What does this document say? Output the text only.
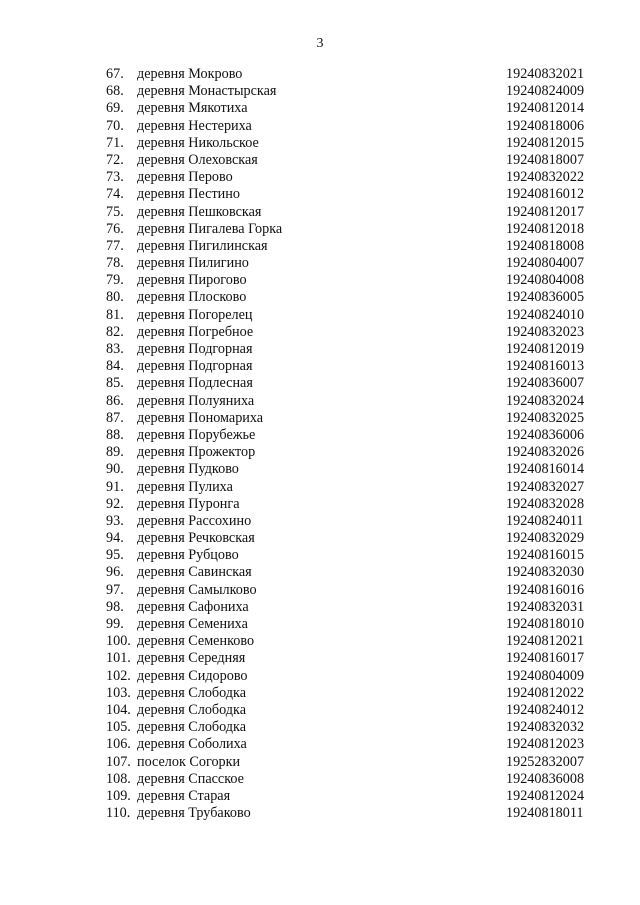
3
67. деревня Мокрово	19240832021
68. деревня Монастырская	19240824009
69. деревня Мякотиха	19240812014
70. деревня Нестериха	19240818006
71. деревня Никольское	19240812015
72. деревня Олеховская	19240818007
73. деревня Перово	19240832022
74. деревня Пестино	19240816012
75. деревня Пешковская	19240812017
76. деревня Пигалева Горка	19240812018
77. деревня Пигилинская	19240818008
78. деревня Пилигино	19240804007
79. деревня Пирогово	19240804008
80. деревня Плосково	19240836005
81. деревня Погорелец	19240824010
82. деревня Погребное	19240832023
83. деревня Подгорная	19240812019
84. деревня Подгорная	19240816013
85. деревня Подлесная	19240836007
86. деревня Полуяниха	19240832024
87. деревня Пономариха	19240832025
88. деревня Порубежье	19240836006
89. деревня Прожектор	19240832026
90. деревня Пудково	19240816014
91. деревня Пулиха	19240832027
92. деревня Пуронга	19240832028
93. деревня Рассохино	19240824011
94. деревня Речковская	19240832029
95. деревня Рубцово	19240816015
96. деревня Савинская	19240832030
97. деревня Самылково	19240816016
98. деревня Сафониха	19240832031
99. деревня Семениха	19240818010
100. деревня Семенково	19240812021
101. деревня Середняя	19240816017
102. деревня Сидорово	19240804009
103. деревня Слободка	19240812022
104. деревня Слободка	19240824012
105. деревня Слободка	19240832032
106. деревня Соболиха	19240812023
107. поселок Согорки	19252832007
108. деревня Спасское	19240836008
109. деревня Старая	19240812024
110. деревня Трубаково	19240818011
